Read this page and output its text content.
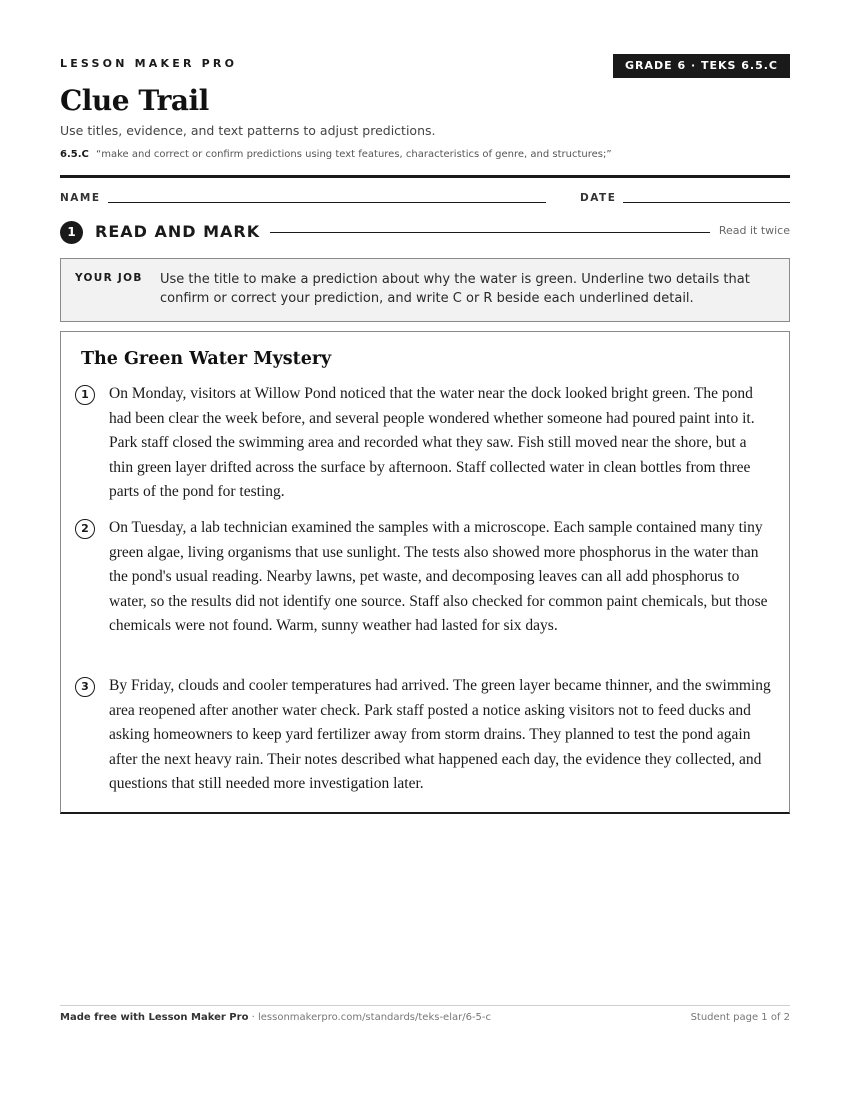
LESSON MAKER PRO	GRADE 6 · TEKS 6.5.C
Clue Trail
Use titles, evidence, and text patterns to adjust predictions.
6.5.C “make and correct or confirm predictions using text features, characteristics of genre, and structures;”
NAME	DATE
1	READ AND MARK	Read it twice
YOUR JOB Use the title to make a prediction about why the water is green. Underline two details that confirm or correct your prediction, and write C or R beside each underlined detail.
The Green Water Mystery
1	On Monday, visitors at Willow Pond noticed that the water near the dock looked bright green. The pond had been clear the week before, and several people wondered whether someone had poured paint into it. Park staff closed the swimming area and recorded what they saw. Fish still moved near the shore, but a thin green layer drifted across the surface by afternoon. Staff collected water in clean bottles from three parts of the pond for testing.
2	On Tuesday, a lab technician examined the samples with a microscope. Each sample contained many tiny green algae, living organisms that use sunlight. The tests also showed more phosphorus in the water than the pond's usual reading. Nearby lawns, pet waste, and decomposing leaves can all add phosphorus to water, so the results did not identify one source. Staff also checked for common paint chemicals, but those chemicals were not found. Warm, sunny weather had lasted for six days.
3	By Friday, clouds and cooler temperatures had arrived. The green layer became thinner, and the swimming area reopened after another water check. Park staff posted a notice asking visitors not to feed ducks and asking homeowners to keep yard fertilizer away from storm drains. They planned to test the pond again after the next heavy rain. Their notes described what happened each day, the evidence they collected, and questions that still needed more investigation later.
Made free with Lesson Maker Pro · lessonmakerpro.com/standards/teks-elar/6-5-c	Student page 1 of 2
